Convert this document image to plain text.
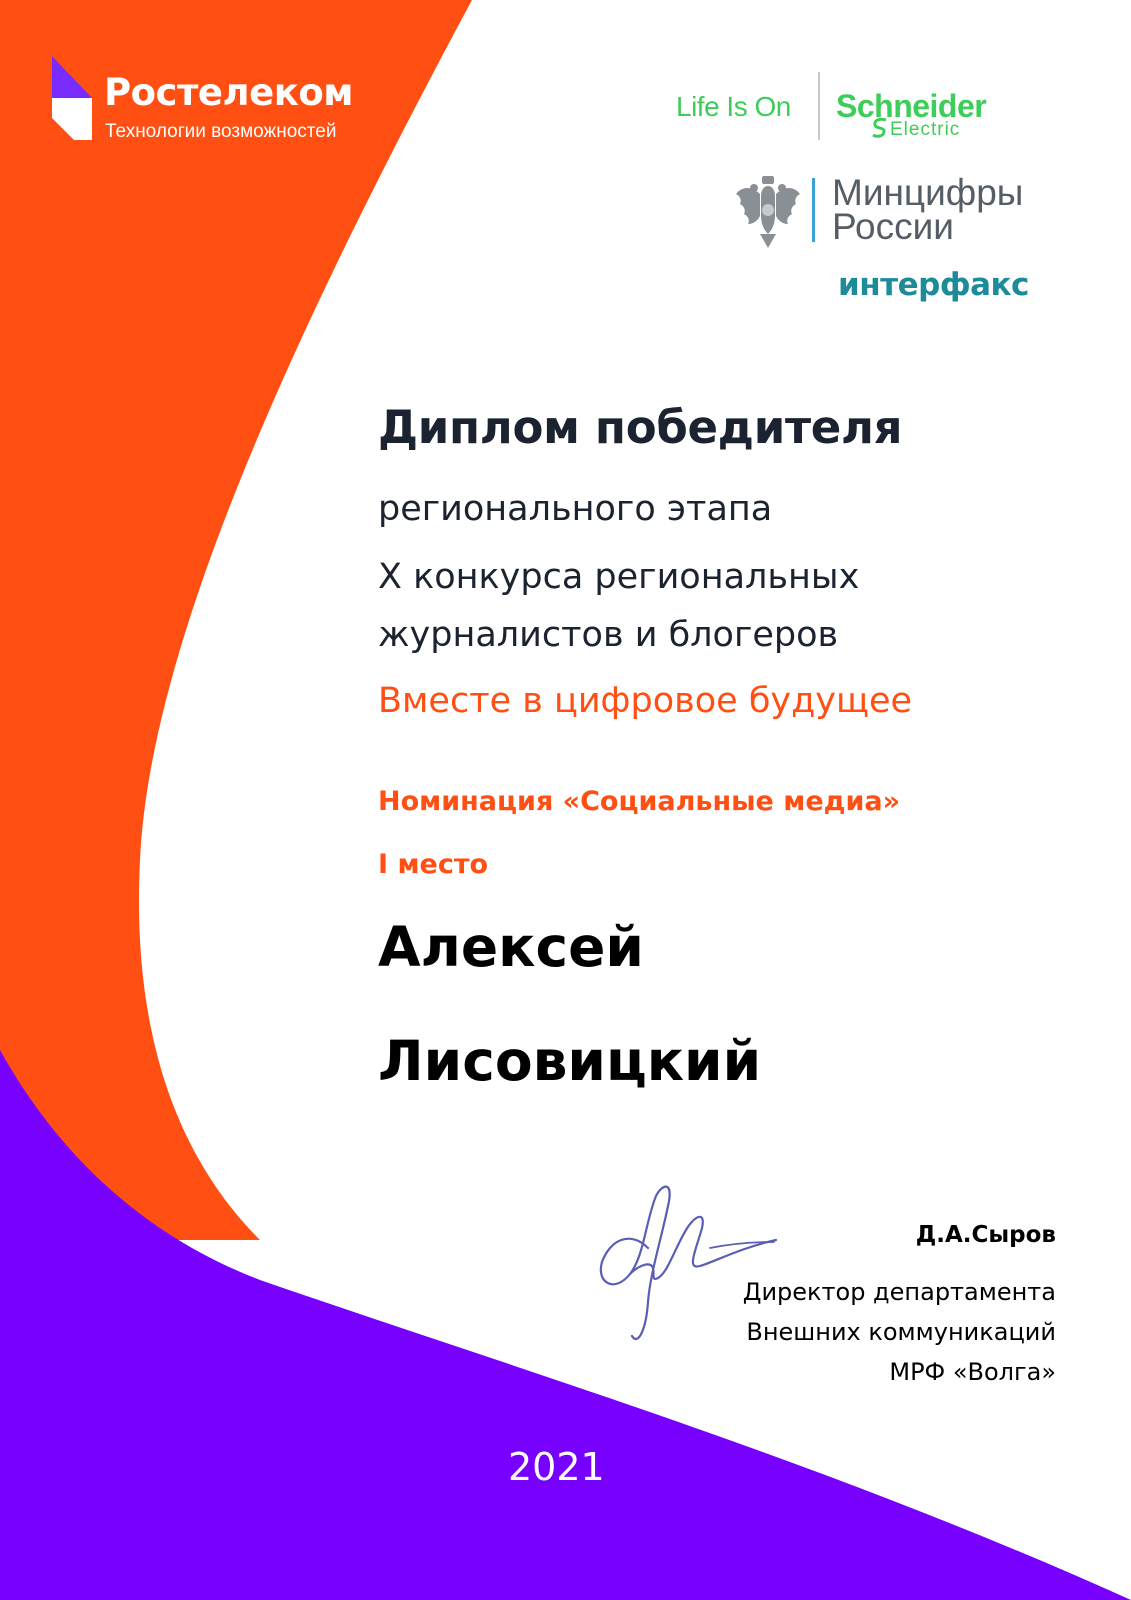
Ростелеком
Технологии возможностей
Life Is On Schneider
Electric
Минцифры
России
интерфакс
Диплом победителя
регионального этапа
X конкурса региональных
журналистов и блогеров
Вместе в цифровое будущее
Номинация «Социальные медиа»
I место
Алексей
Лисовицкий
Д.А.Сыров
Директор департамента
Внешних коммуникаций
МРФ «Волга»
2021
